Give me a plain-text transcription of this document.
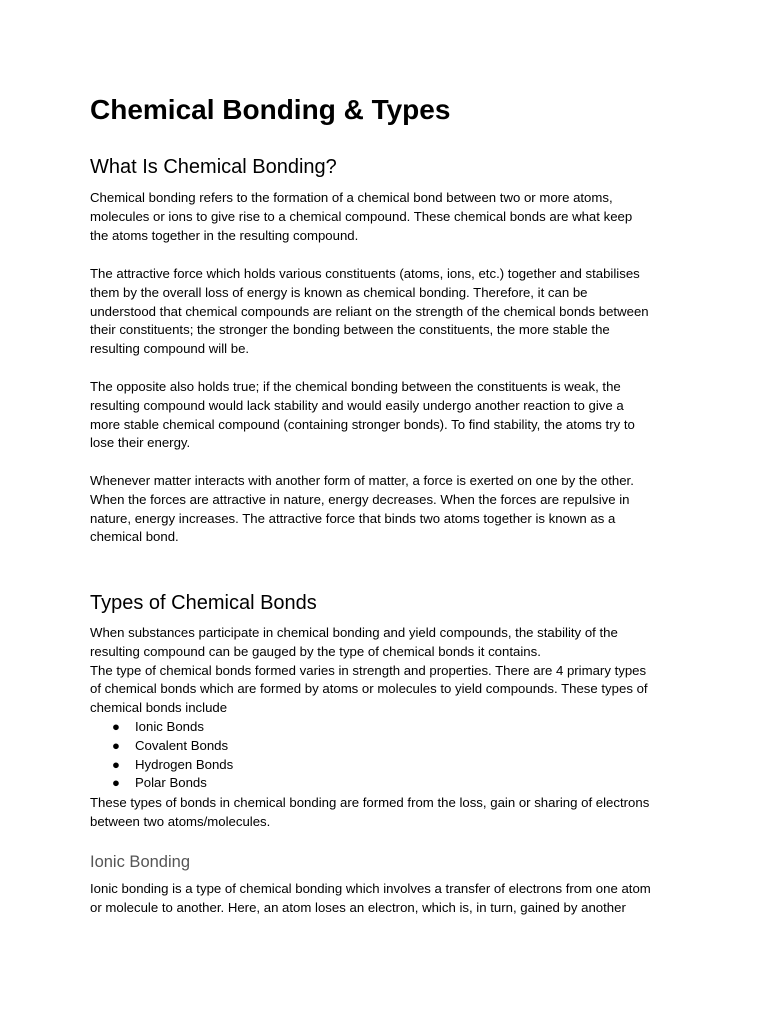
Chemical Bonding & Types
What Is Chemical Bonding?

Chemical bonding refers to the formation of a chemical bond between two or more atoms,
molecules or ions to give rise to a chemical compound. These chemical bonds are what keep
the atoms together in the resulting compound.

The attractive force which holds various constituents (atoms, ions, etc.) together and stabilises
them by the overall loss of energy is known as chemical bonding. Therefore, it can be
understood that chemical compounds are reliant on the strength of the chemical bonds between
their constituents; the stronger the bonding between the constituents, the more stable the
resulting compound will be.

The opposite also holds true; if the chemical bonding between the constituents is weak, the
resulting compound would lack stability and would easily undergo another reaction to give a
more stable chemical compound (containing stronger bonds). To find stability, the atoms try to
lose their energy.

Whenever matter interacts with another form of matter, a force is exerted on one by the other.
When the forces are attractive in nature, energy decreases. When the forces are repulsive in
nature, energy increases. The attractive force that binds two atoms together is known as a
chemical bond.

Types of Chemical Bonds

When substances participate in chemical bonding and yield compounds, the stability of the
resulting compound can be gauged by the type of chemical bonds it contains.
The type of chemical bonds formed varies in strength and properties. There are 4 primary types
of chemical bonds which are formed by atoms or molecules to yield compounds. These types of
chemical bonds include

● Ionic Bonds
● Covalent Bonds
● Hydrogen Bonds
● Polar Bonds

These types of bonds in chemical bonding are formed from the loss, gain or sharing of electrons
between two atoms/molecules.

Ionic Bonding

Ionic bonding is a type of chemical bonding which involves a transfer of electrons from one atom
or molecule to another. Here, an atom loses an electron, which is, in turn, gained by another
